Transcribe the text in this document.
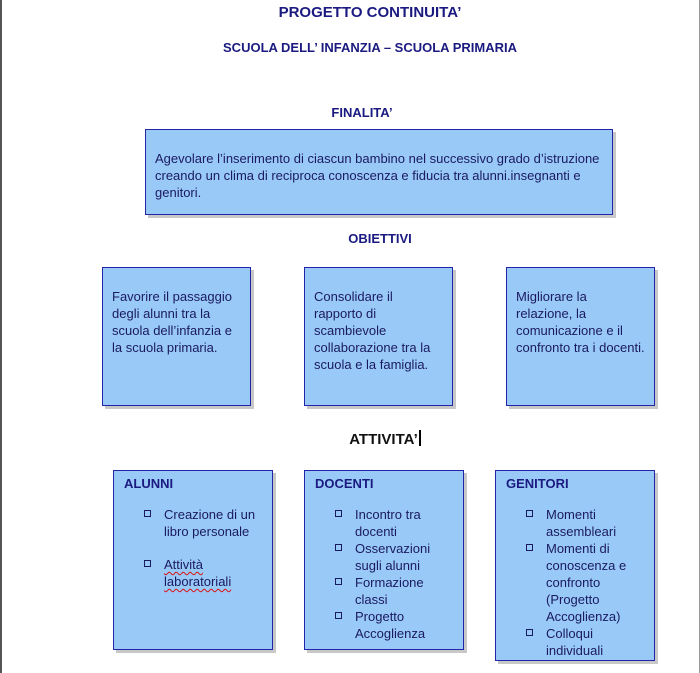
PROGETTO CONTINUITA’
SCUOLA DELL’ INFANZIA – SCUOLA PRIMARIA
FINALITA’
Agevolare l’inserimento di ciascun bambino nel successivo grado d’istruzione creando un clima di reciproca conoscenza e fiducia tra alunni.insegnanti e genitori.
OBIETTIVI
Favorire il passaggio degli alunni tra la scuola dell’infanzia e la scuola primaria.
Consolidare il rapporto di scambievole collaborazione tra la scuola e la famiglia.
Migliorare la relazione, la comunicazione e il confronto tra i docenti.
ATTIVITA’
ALUNNI
Creazione di un libro personale
Attività laboratoriali
DOCENTI
Incontro tra docenti
Osservazioni sugli alunni
Formazione classi
Progetto Accoglienza
GENITORI
Momenti assembleari
Momenti di conoscenza e confronto (Progetto Accoglienza)
Colloqui individuali
